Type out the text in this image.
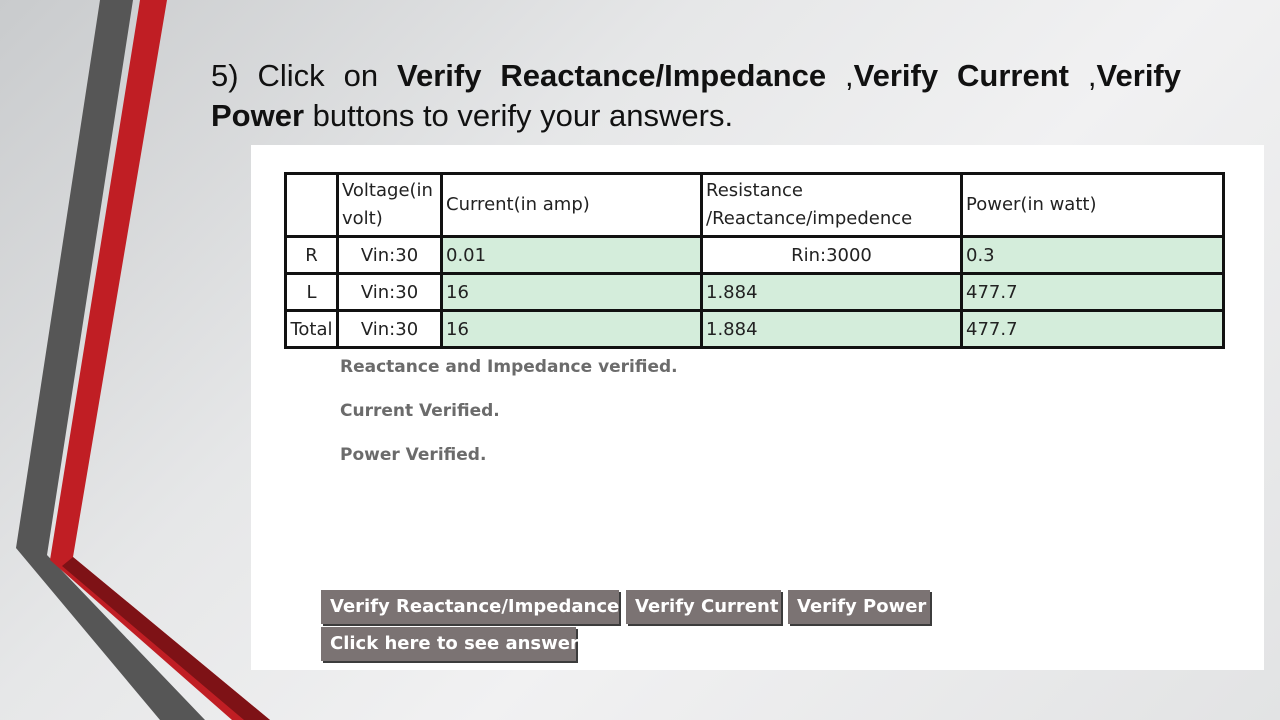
5) Click on Verify Reactance/Impedance ,Verify Current ,Verify Power buttons to verify your answers.

	Voltage(in volt)	Current(in amp)	Resistance /Reactance/impedence	Power(in watt)
R	Vin:30	0.01	Rin:3000	0.3
L	Vin:30	16	1.884	477.7
Total	Vin:30	16	1.884	477.7
Reactance and Impedance verified.
Current Verified.
Power Verified.
Verify Reactance/Impedance Verify Current	Verify Power
Click here to see answer
